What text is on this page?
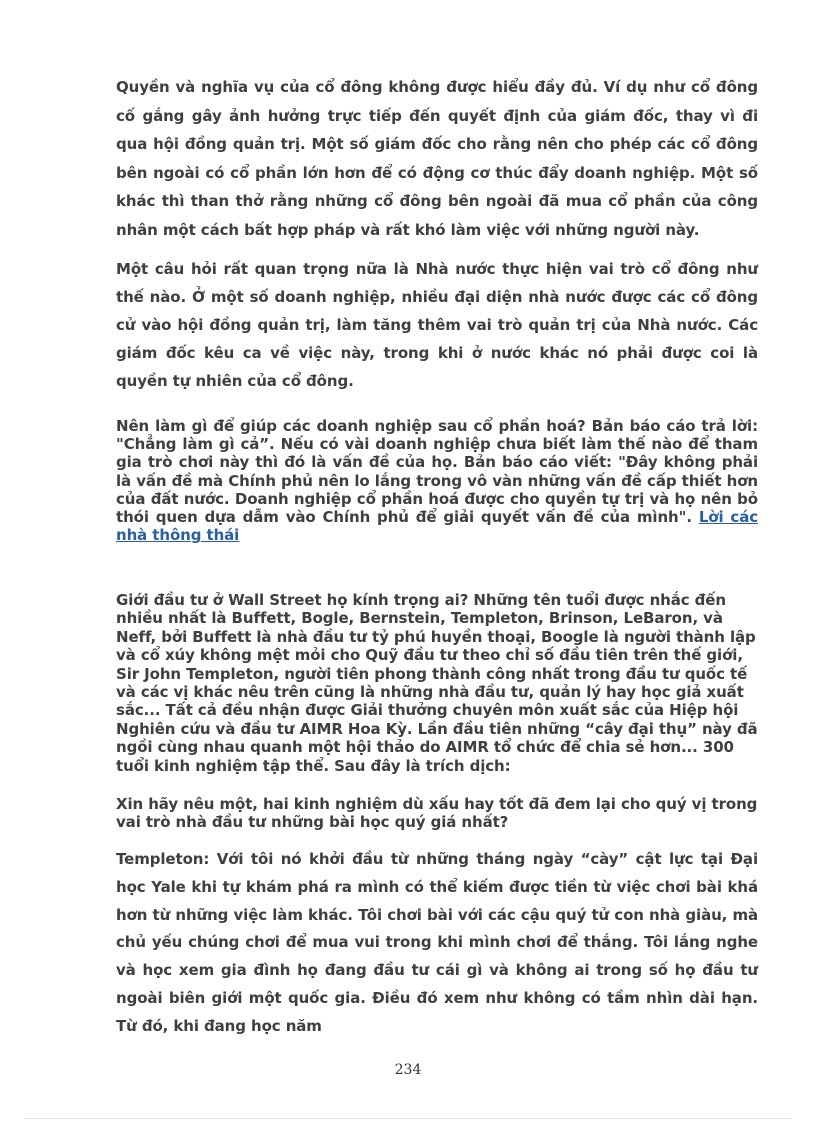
Quyền và nghĩa vụ của cổ đông không được hiểu đầy đủ. Ví dụ như cổ đông cố gắng gây ảnh hưởng trực tiếp đến quyết định của giám đốc, thay vì đi qua hội đồng quản trị. Một số giám đốc cho rằng nên cho phép các cổ đông bên ngoài có cổ phần lớn hơn để có động cơ thúc đẩy doanh nghiệp. Một số khác thì than thở rằng những cổ đông bên ngoài đã mua cổ phần của công nhân một cách bất hợp pháp và rất khó làm việc với những người này.

Một câu hỏi rất quan trọng nữa là Nhà nước thực hiện vai trò cổ đông như thế nào. Ở một số doanh nghiệp, nhiều đại diện nhà nước được các cổ đông cử vào hội đồng quản trị, làm tăng thêm vai trò quản trị của Nhà nước. Các giám đốc kêu ca về việc này, trong khi ở nước khác nó phải được coi là quyền tự nhiên của cổ đông.

Nên làm gì để giúp các doanh nghiệp sau cổ phần hoá? Bản báo cáo trả lời: "Chẳng làm gì cả”. Nếu có vài doanh nghiệp chưa biết làm thế nào để tham gia trò chơi này thì đó là vấn đề của họ. Bản báo cáo viết: "Đây không phải là vấn đề mà Chính phủ nên lo lắng trong vô vàn những vấn đề cấp thiết hơn của đất nước. Doanh nghiệp cổ phần hoá được cho quyền tự trị và họ nên bỏ thói quen dựa dẫm vào Chính phủ để giải quyết vấn đề của mình". Lời các nhà thông thái

Giới đầu tư ở Wall Street họ kính trọng ai? Những tên tuổi được nhắc đến nhiều nhất là Buffett, Bogle, Bernstein, Templeton, Brinson, LeBaron, và Neff, bởi Buffett là nhà đầu tư tỷ phú huyền thoại, Boogle là người thành lập và cổ xúy không mệt mỏi cho Quỹ đầu tư theo chỉ số đầu tiên trên thế giới, Sir John Templeton, người tiên phong thành công nhất trong đầu tư quốc tế và các vị khác nêu trên cũng là những nhà đầu tư, quản lý hay học giả xuất sắc... Tất cả đều nhận được Giải thưởng chuyên môn xuất sắc của Hiệp hội Nghiên cứu và đầu tư AIMR Hoa Kỳ. Lần đầu tiên những “cây đại thụ” này đã ngồi cùng nhau quanh một hội thảo do AIMR tổ chức để chia sẻ hơn... 300 tuổi kinh nghiệm tập thể. Sau đây là trích dịch:

Xin hãy nêu một, hai kinh nghiệm dù xấu hay tốt đã đem lại cho quý vị trong vai trò nhà đầu tư những bài học quý giá nhất?

Templeton: Với tôi nó khởi đầu từ những tháng ngày “cày” cật lực tại Đại học Yale khi tự khám phá ra mình có thể kiếm được tiền từ việc chơi bài khá hơn từ những việc làm khác. Tôi chơi bài với các cậu quý tử con nhà giàu, mà chủ yếu chúng chơi để mua vui trong khi mình chơi để thắng. Tôi lắng nghe và học xem gia đình họ đang đầu tư cái gì và không ai trong số họ đầu tư ngoài biên giới một quốc gia. Điều đó xem như không có tầm nhìn dài hạn. Từ đó, khi đang học năm

234
